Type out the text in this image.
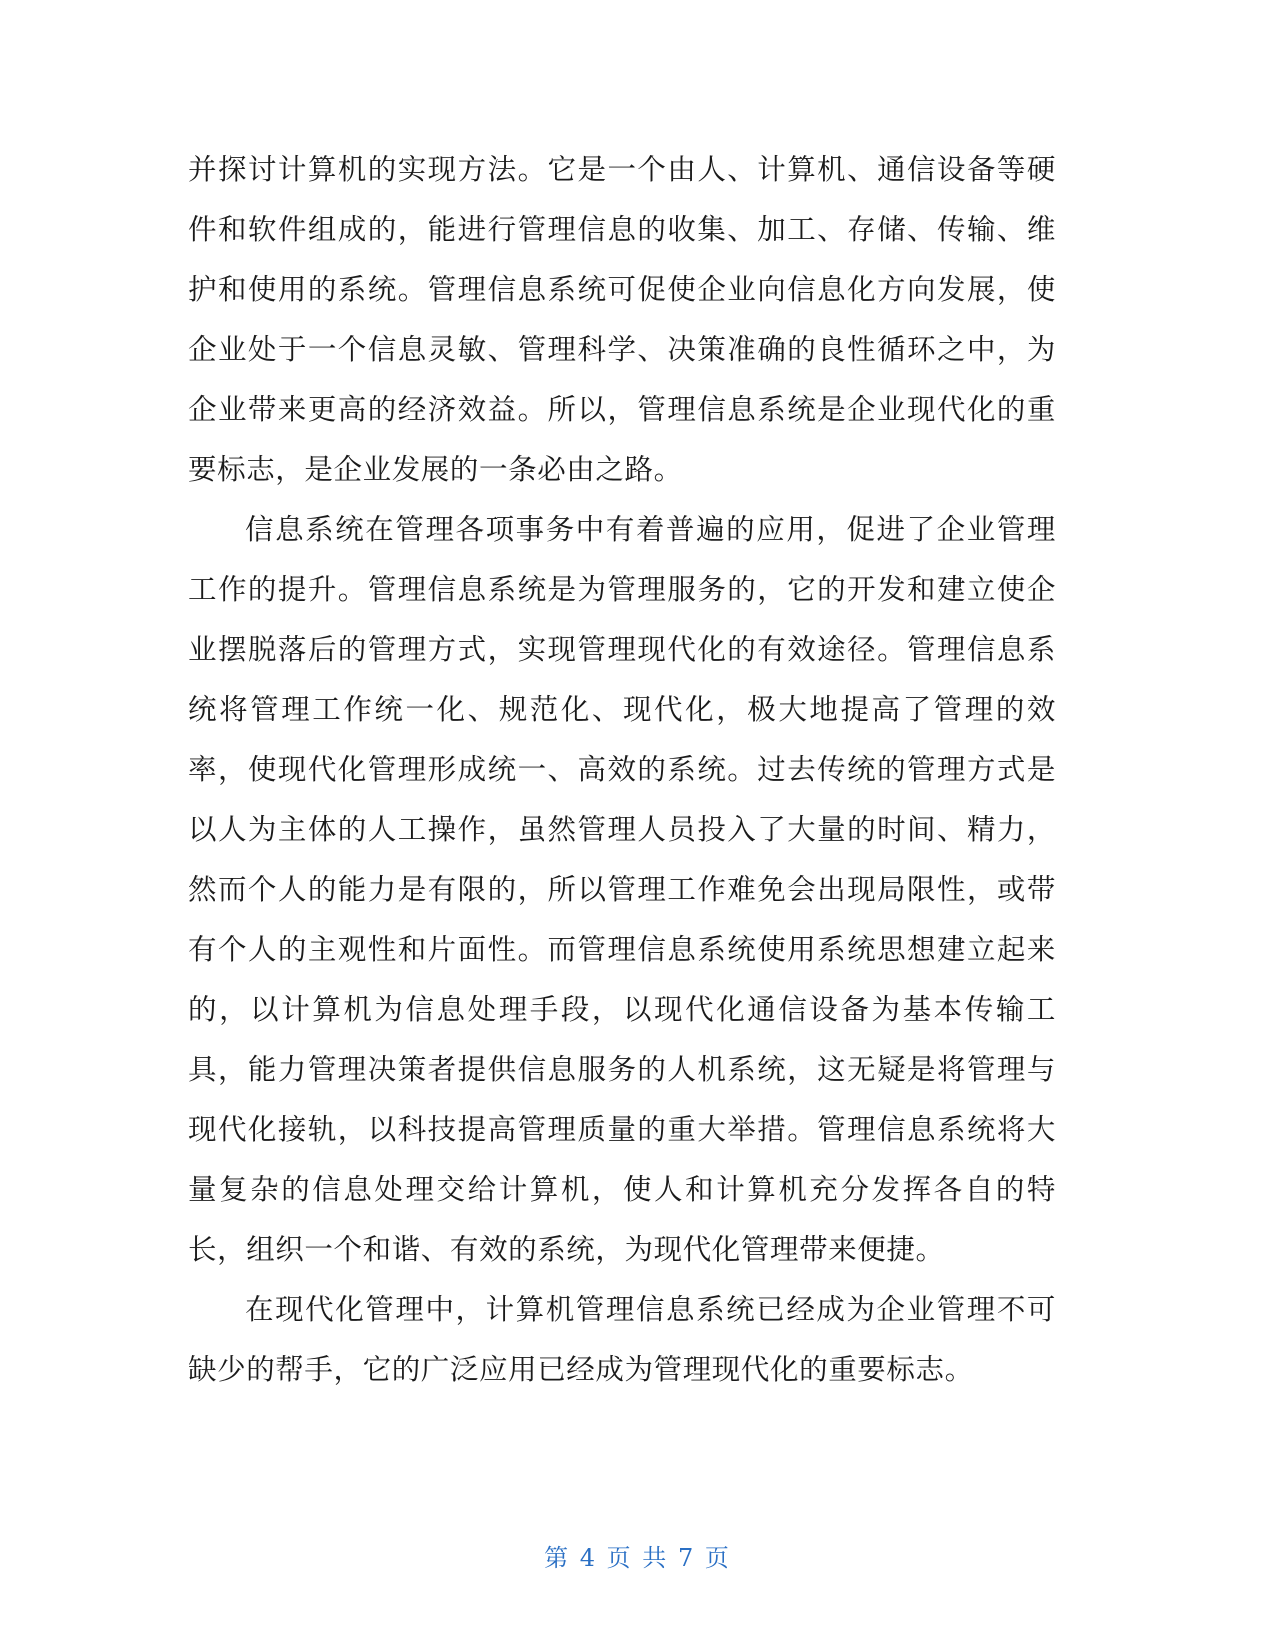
并探讨计算机的实现方法。它是一个由人、计算机、通信设备等硬件和软件组成的，能进行管理信息的收集、加工、存储、传输、维护和使用的系统。管理信息系统可促使企业向信息化方向发展，使企业处于一个信息灵敏、管理科学、决策准确的良性循环之中，为企业带来更高的经济效益。所以，管理信息系统是企业现代化的重要标志，是企业发展的一条必由之路。

信息系统在管理各项事务中有着普遍的应用，促进了企业管理工作的提升。管理信息系统是为管理服务的，它的开发和建立使企业摆脱落后的管理方式，实现管理现代化的有效途径。管理信息系统将管理工作统一化、规范化、现代化，极大地提高了管理的效率，使现代化管理形成统一、高效的系统。过去传统的管理方式是以人为主体的人工操作，虽然管理人员投入了大量的时间、精力，然而个人的能力是有限的，所以管理工作难免会出现局限性，或带有个人的主观性和片面性。而管理信息系统使用系统思想建立起来的，以计算机为信息处理手段，以现代化通信设备为基本传输工具，能力管理决策者提供信息服务的人机系统，这无疑是将管理与现代化接轨，以科技提高管理质量的重大举措。管理信息系统将大量复杂的信息处理交给计算机，使人和计算机充分发挥各自的特长，组织一个和谐、有效的系统，为现代化管理带来便捷。

在现代化管理中，计算机管理信息系统已经成为企业管理不可缺少的帮手，它的广泛应用已经成为管理现代化的重要标志。

第 4 页 共 7 页
